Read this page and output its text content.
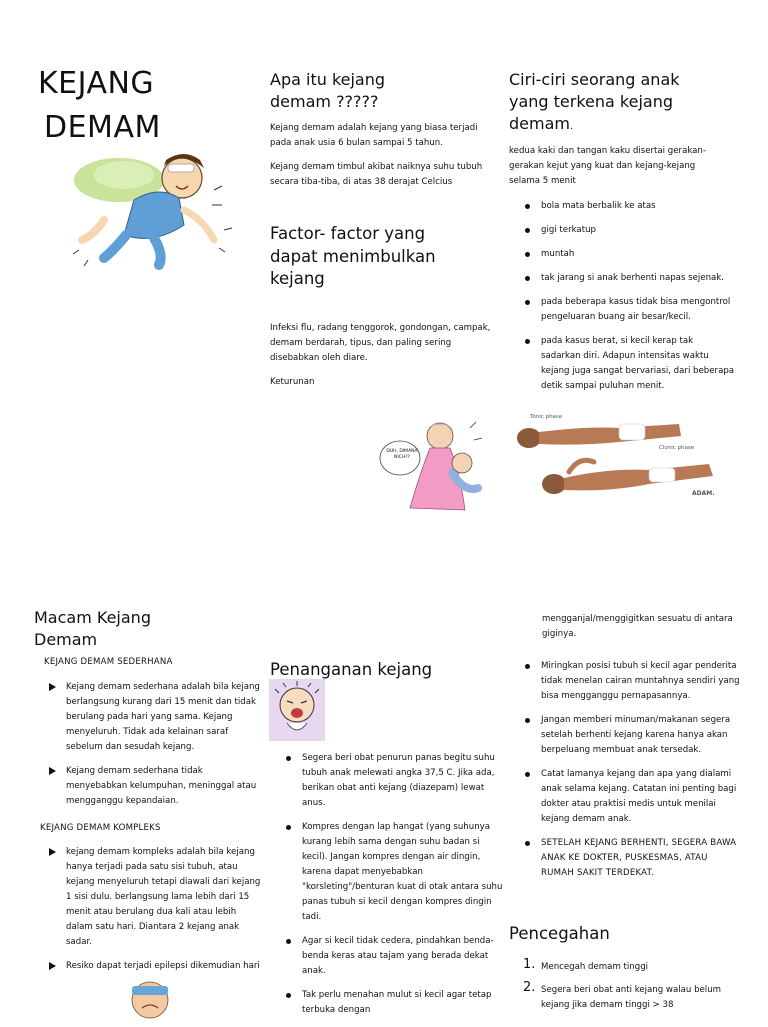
KEJANG
DEMAM
Apa itu kejang demam ?????
Kejang demam adalah kejang yang biasa terjadi pada anak usia 6 bulan sampai 5 tahun.
Kejang demam timbul akibat naiknya suhu tubuh secara tiba-tiba, di atas 38 derajat Celcius
Factor- factor yang dapat menimbulkan kejang
Infeksi flu, radang tenggorok, gondongan, campak, demam berdarah, tipus, dan paling sering disebabkan oleh diare.
Keturunan
DUH, DIMANA NICH??
Ciri-ciri seorang anak yang terkena kejang demam.
kedua kaki dan tangan kaku disertai gerakan-gerakan kejut yang kuat dan kejang-kejang selama 5 menit
bola mata berbalik ke atas
gigi terkatup
muntah
tak jarang si anak berhenti napas sejenak.
pada beberapa kasus tidak bisa mengontrol pengeluaran buang air besar/kecil.
pada kasus berat, si kecil kerap tak sadarkan diri. Adapun intensitas waktu kejang juga sangat bervariasi, dari beberapa detik sampai puluhan menit.
Tonic phase
Clonic phase
ADAM.
Macam Kejang Demam
KEJANG DEMAM SEDERHANA
Kejang demam sederhana adalah bila kejang berlangsung kurang dari 15 menit dan tidak berulang pada hari yang sama. Kejang menyeluruh. Tidak ada kelainan saraf sebelum dan sesudah kejang.
Kejang demam sederhana tidak menyebabkan kelumpuhan, meninggal atau mengganggu kepandaian.
KEJANG DEMAM KOMPLEKS
kejang demam kompleks adalah bila kejang hanya terjadi pada satu sisi tubuh, atau kejang menyeluruh tetapi diawali dari kejang 1 sisi dulu. berlangsung lama lebih dari 15 menit atau berulang dua kali atau lebih dalam satu hari. Diantara 2 kejang anak sadar.
Resiko dapat terjadi epilepsi dikemudian hari
Penanganan kejang
Segera beri obat penurun panas begitu suhu tubuh anak melewati angka 37,5 C. Jika ada, berikan obat anti kejang (diazepam) lewat anus.
Kompres dengan lap hangat (yang suhunya kurang lebih sama dengan suhu badan si kecil). Jangan kompres dengan air dingin, karena dapat menyebabkan "korsleting"/benturan kuat di otak antara suhu panas tubuh si kecil dengan kompres dingin tadi.
Agar si kecil tidak cedera, pindahkan benda-benda keras atau tajam yang berada dekat anak.
Tak perlu menahan mulut si kecil agar tetap terbuka dengan
mengganjal/menggigitkan sesuatu di antara giginya.
Miringkan posisi tubuh si kecil agar penderita tidak menelan cairan muntahnya sendiri yang bisa mengganggu pernapasannya.
Jangan memberi minuman/makanan segera setelah berhenti kejang karena hanya akan berpeluang membuat anak tersedak.
Catat lamanya kejang dan apa yang dialami anak selama kejang. Catatan ini penting bagi dokter atau praktisi medis untuk menilai kejang demam anak.
SETELAH KEJANG BERHENTI, SEGERA BAWA ANAK KE DOKTER, PUSKESMAS, ATAU RUMAH SAKIT TERDEKAT.
Pencegahan
1. Mencegah demam tinggi
2. Segera beri obat anti kejang walau belum kejang jika demam tinggi > 38
